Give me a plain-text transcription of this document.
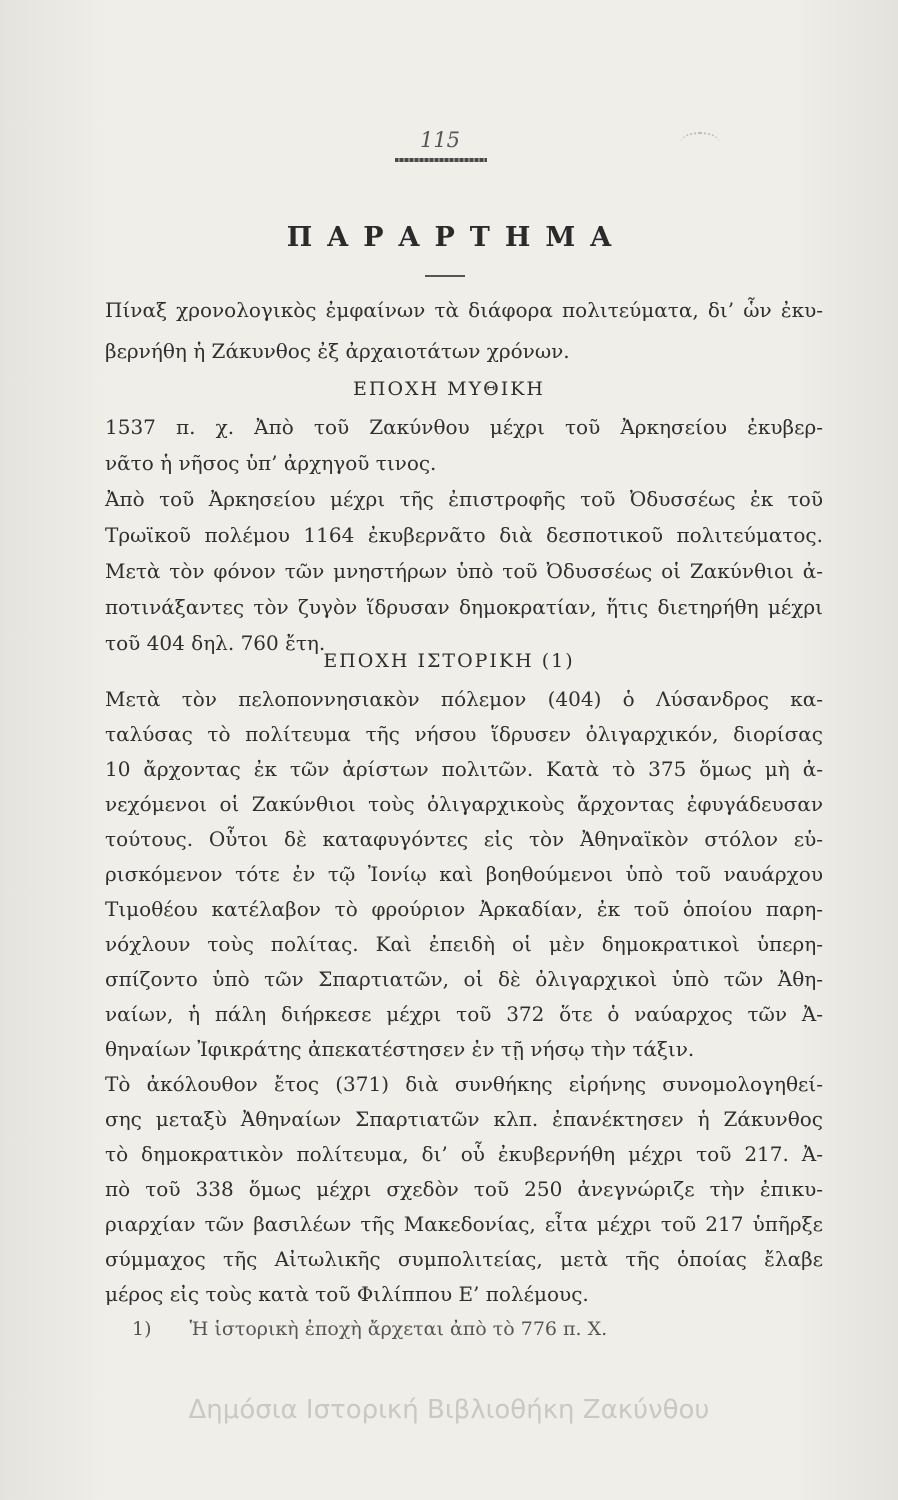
115
ΠΑΡΑΡΤΗΜΑ
Πίναξ χρονολογικὸς ἐμφαίνων τὰ διάφορα πολιτεύματα, δι’ ὧν ἐκυ-
βερνήθη ἡ Ζάκυνθος ἐξ ἀρχαιοτάτων χρόνων.
ΕΠΟΧΗ ΜΥΘΙΚΗ
1537 π. χ. Ἀπὸ τοῦ Ζακύνθου μέχρι τοῦ Ἀρκησείου ἐκυβερ-
νᾶτο ἡ νῆσος ὑπ’ ἀρχηγοῦ τινος.
Ἀπὸ τοῦ Ἀρκησείου μέχρι τῆς ἐπιστροφῆς τοῦ Ὀδυσσέως ἐκ τοῦ
Τρωϊκοῦ πολέμου 1164 ἐκυβερνᾶτο διὰ δεσποτικοῦ πολιτεύματος.
Μετὰ τὸν φόνον τῶν μνηστήρων ὑπὸ τοῦ Ὀδυσσέως οἱ Ζακύνθιοι ἀ-
ποτινάξαντες τὸν ζυγὸν ἵδρυσαν δημοκρατίαν, ἥτις διετηρήθη μέχρι
τοῦ 404 δηλ. 760 ἔτη.
ΕΠΟΧΗ ΙΣΤΟΡΙΚΗ (1)
Μετὰ τὸν πελοποννησιακὸν πόλεμον (404) ὁ Λύσανδρος κα-
ταλύσας τὸ πολίτευμα τῆς νήσου ἵδρυσεν ὀλιγαρχικόν, διορίσας
10 ἄρχοντας ἐκ τῶν ἀρίστων πολιτῶν. Κατὰ τὸ 375 ὅμως μὴ ἀ-
νεχόμενοι οἱ Ζακύνθιοι τοὺς ὀλιγαρχικοὺς ἄρχοντας ἐφυγάδευσαν
τούτους. Οὗτοι δὲ καταφυγόντες εἰς τὸν Ἀθηναϊκὸν στόλον εὑ-
ρισκόμενον τότε ἐν τῷ Ἰονίῳ καὶ βοηθούμενοι ὑπὸ τοῦ ναυάρχου
Τιμοθέου κατέλαβον τὸ φρούριον Ἀρκαδίαν, ἐκ τοῦ ὁποίου παρη-
νόχλουν τοὺς πολίτας. Καὶ ἐπειδὴ οἱ μὲν δημοκρατικοὶ ὑπερη-
σπίζοντο ὑπὸ τῶν Σπαρτιατῶν, οἱ δὲ ὀλιγαρχικοὶ ὑπὸ τῶν Ἀθη-
ναίων, ἡ πάλη διήρκεσε μέχρι τοῦ 372 ὅτε ὁ ναύαρχος τῶν Ἀ-
θηναίων Ἰφικράτης ἀπεκατέστησεν ἐν τῇ νήσῳ τὴν τάξιν.
Τὸ ἀκόλουθον ἔτος (371) διὰ συνθήκης εἰρήνης συνομολογηθεί-
σης μεταξὺ Ἀθηναίων Σπαρτιατῶν κλπ. ἐπανέκτησεν ἡ Ζάκυνθος
τὸ δημοκρατικὸν πολίτευμα, δι’ οὗ ἐκυβερνήθη μέχρι τοῦ 217. Ἀ-
πὸ τοῦ 338 ὅμως μέχρι σχεδὸν τοῦ 250 ἀνεγνώριζε τὴν ἐπικυ-
ριαρχίαν τῶν βασιλέων τῆς Μακεδονίας, εἶτα μέχρι τοῦ 217 ὑπῆρξε
σύμμαχος τῆς Αἰτωλικῆς συμπολιτείας, μετὰ τῆς ὁποίας ἔλαβε
μέρος εἰς τοὺς κατὰ τοῦ Φιλίππου Ε’ πολέμους.
1) Ἡ ἱστορικὴ ἐποχὴ ἄρχεται ἀπὸ τὸ 776 π. Χ.
Δημόσια Ιστορική Βιβλιοθήκη Ζακύνθου
